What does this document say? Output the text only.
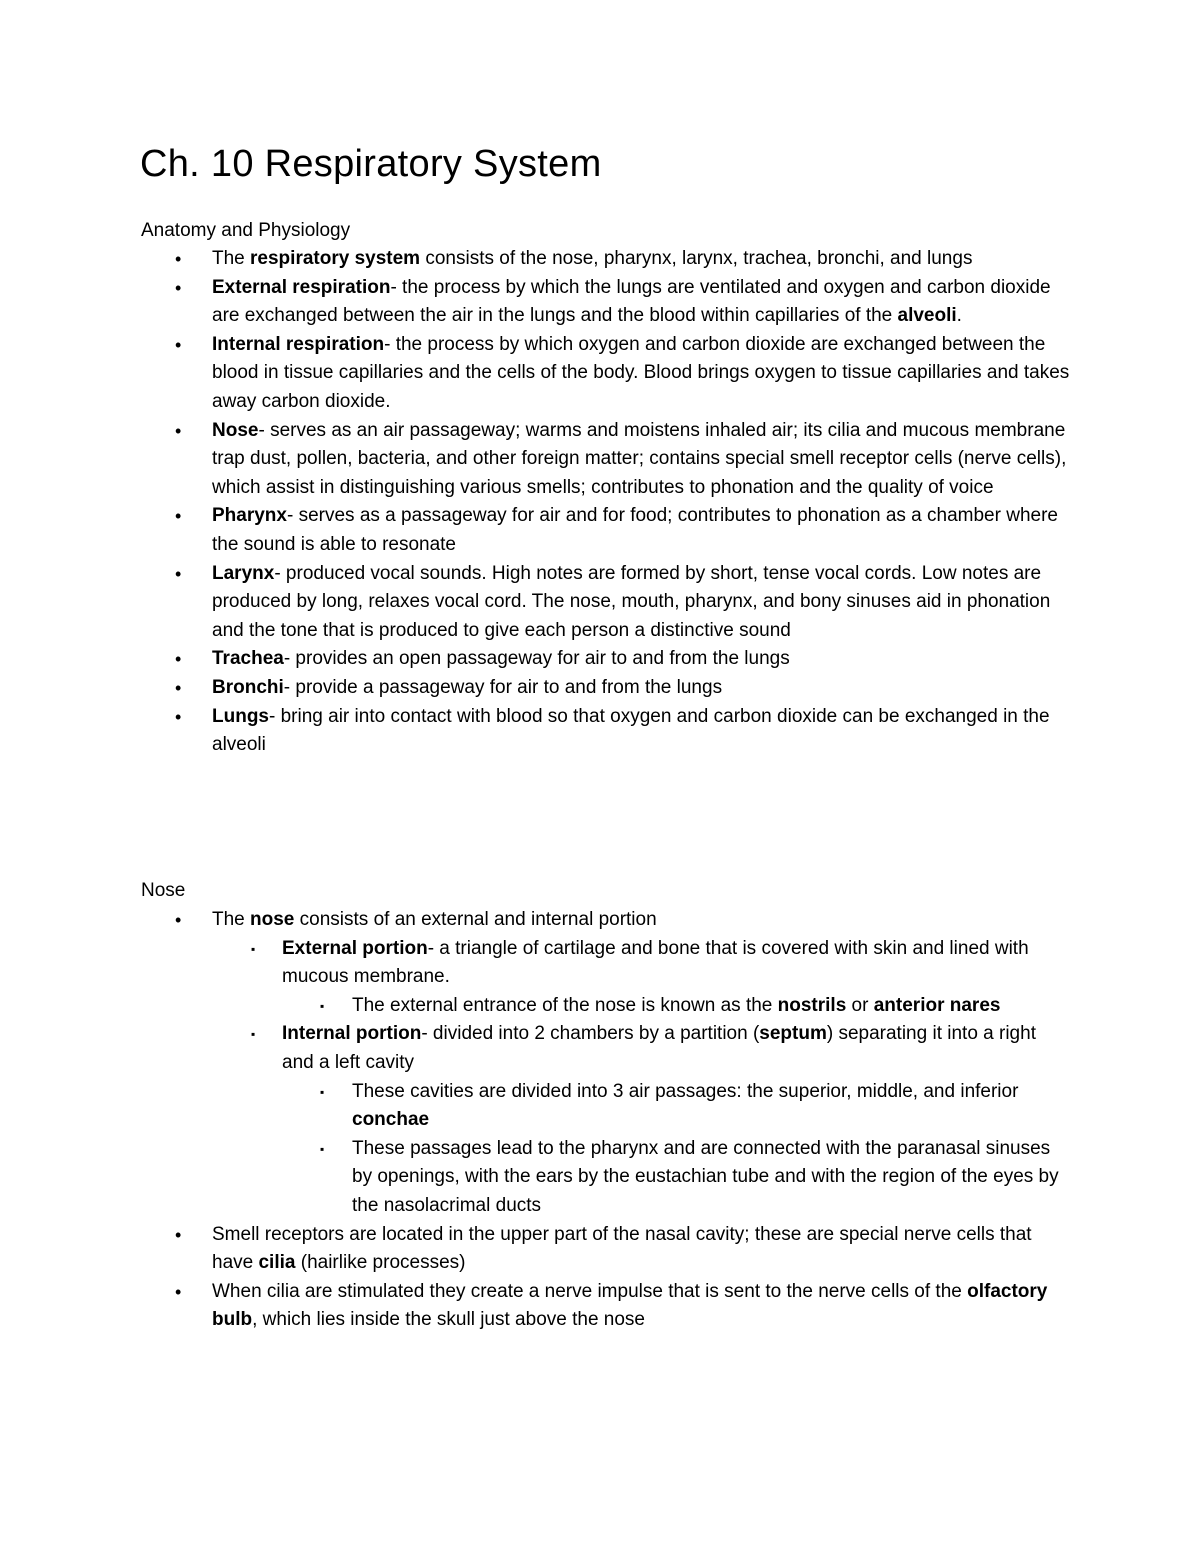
Ch. 10 Respiratory System

Anatomy and Physiology

• The respiratory system consists of the nose, pharynx, larynx, trachea, bronchi, and lungs
• External respiration- the process by which the lungs are ventilated and oxygen and carbon dioxide are exchanged between the air in the lungs and the blood within capillaries of the alveoli.
• Internal respiration- the process by which oxygen and carbon dioxide are exchanged between the blood in tissue capillaries and the cells of the body. Blood brings oxygen to tissue capillaries and takes away carbon dioxide.
• Nose- serves as an air passageway; warms and moistens inhaled air; its cilia and mucous membrane trap dust, pollen, bacteria, and other foreign matter; contains special smell receptor cells (nerve cells), which assist in distinguishing various smells; contributes to phonation and the quality of voice
• Pharynx- serves as a passageway for air and for food; contributes to phonation as a chamber where the sound is able to resonate
• Larynx- produced vocal sounds. High notes are formed by short, tense vocal cords. Low notes are produced by long, relaxes vocal cord. The nose, mouth, pharynx, and bony sinuses aid in phonation and the tone that is produced to give each person a distinctive sound
• Trachea- provides an open passageway for air to and from the lungs
• Bronchi- provide a passageway for air to and from the lungs
• Lungs- bring air into contact with blood so that oxygen and carbon dioxide can be exchanged in the alveoli

Nose

• The nose consists of an external and internal portion
▪ External portion- a triangle of cartilage and bone that is covered with skin and lined with mucous membrane.
▪ The external entrance of the nose is known as the nostrils or anterior nares
▪ Internal portion- divided into 2 chambers by a partition (septum) separating it into a right and a left cavity
▪ These cavities are divided into 3 air passages: the superior, middle, and inferior conchae
▪ These passages lead to the pharynx and are connected with the paranasal sinuses by openings, with the ears by the eustachian tube and with the region of the eyes by the nasolacrimal ducts
• Smell receptors are located in the upper part of the nasal cavity; these are special nerve cells that have cilia (hairlike processes)
• When cilia are stimulated they create a nerve impulse that is sent to the nerve cells of the olfactory bulb, which lies inside the skull just above the nose
